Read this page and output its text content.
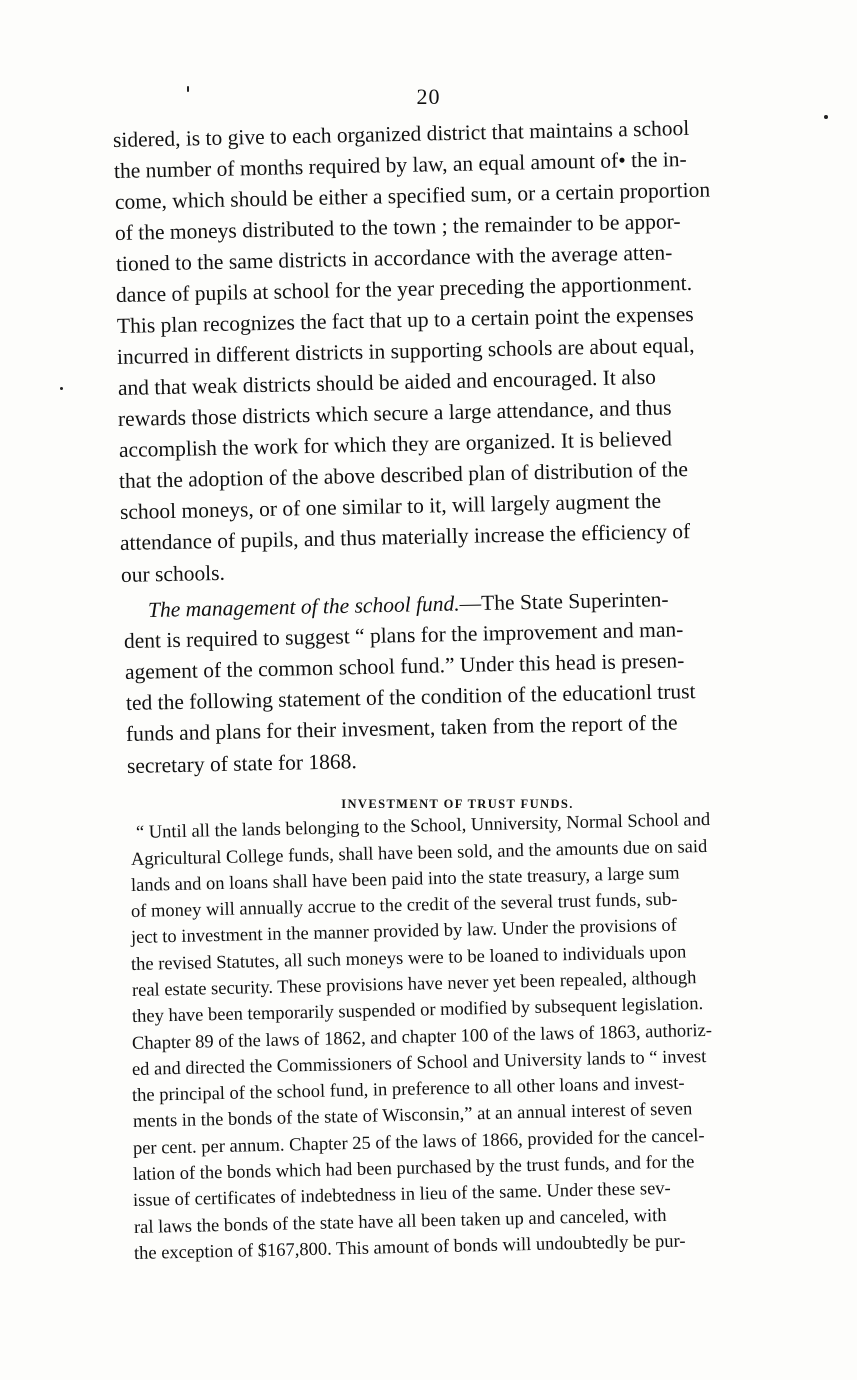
20
sidered, is to give to each organized district that maintains a school
the number of months required by law, an equal amount of• the in-
come, which should be either a specified sum, or a certain proportion
of the moneys distributed to the town ; the remainder to be appor-
tioned to the same districts in accordance with the average atten-
dance of pupils at school for the year preceding the apportionment.
This plan recognizes the fact that up to a certain point the expenses
incurred in different districts in supporting schools are about equal,
and that weak districts should be aided and encouraged. It also
rewards those districts which secure a large attendance, and thus
accomplish the work for which they are organized. It is believed
that the adoption of the above described plan of distribution of the
school moneys, or of one similar to it, will largely augment the
attendance of pupils, and thus materially increase the efficiency of
our schools.
The management of the school fund.—The State Superinten-
dent is required to suggest “ plans for the improvement and man-
agement of the common school fund.” Under this head is presen-
ted the following statement of the condition of the educationl trust
funds and plans for their invesment, taken from the report of the
secretary of state for 1868.
INVESTMENT OF TRUST FUNDS.
“ Until all the lands belonging to the School, Unniversity, Normal School and
Agricultural College funds, shall have been sold, and the amounts due on said
lands and on loans shall have been paid into the state treasury, a large sum
of money will annually accrue to the credit of the several trust funds, sub-
ject to investment in the manner provided by law. Under the provisions of
the revised Statutes, all such moneys were to be loaned to individuals upon
real estate security. These provisions have never yet been repealed, although
they have been temporarily suspended or modified by subsequent legislation.
Chapter 89 of the laws of 1862, and chapter 100 of the laws of 1863, authoriz-
ed and directed the Commissioners of School and University lands to “ invest
the principal of the school fund, in preference to all other loans and invest-
ments in the bonds of the state of Wisconsin,” at an annual interest of seven
per cent. per annum. Chapter 25 of the laws of 1866, provided for the cancel-
lation of the bonds which had been purchased by the trust funds, and for the
issue of certificates of indebtedness in lieu of the same. Under these sev-
ral laws the bonds of the state have all been taken up and canceled, with
the exception of $167,800. This amount of bonds will undoubtedly be pur-
